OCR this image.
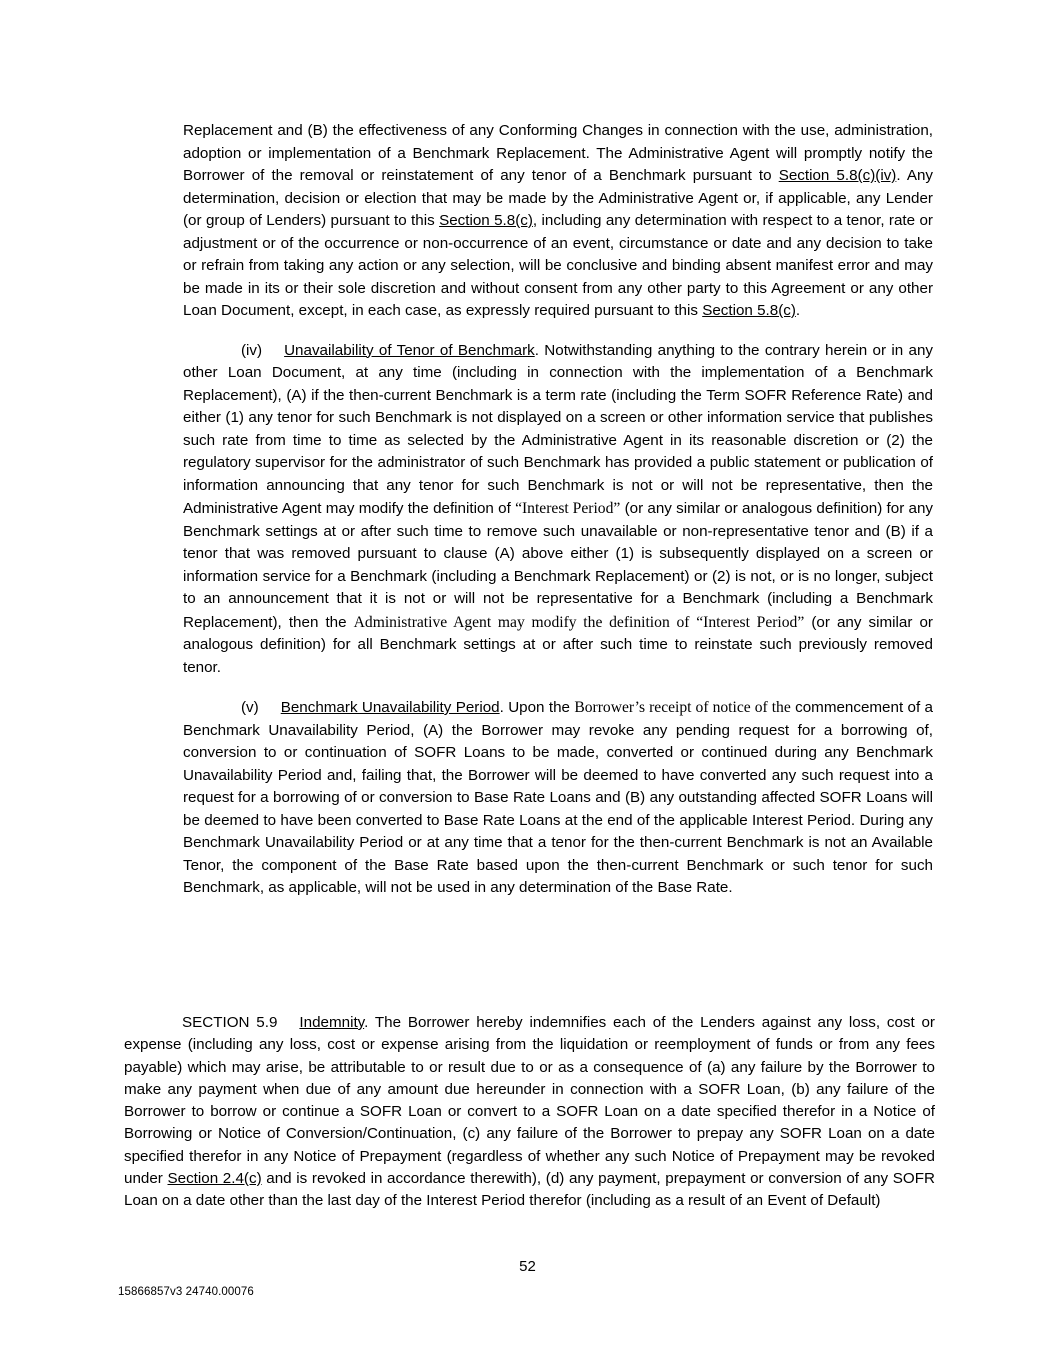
Replacement and (B) the effectiveness of any Conforming Changes in connection with the use, administration, adoption or implementation of a Benchmark Replacement. The Administrative Agent will promptly notify the Borrower of the removal or reinstatement of any tenor of a Benchmark pursuant to Section 5.8(c)(iv). Any determination, decision or election that may be made by the Administrative Agent or, if applicable, any Lender (or group of Lenders) pursuant to this Section 5.8(c), including any determination with respect to a tenor, rate or adjustment or of the occurrence or non-occurrence of an event, circumstance or date and any decision to take or refrain from taking any action or any selection, will be conclusive and binding absent manifest error and may be made in its or their sole discretion and without consent from any other party to this Agreement or any other Loan Document, except, in each case, as expressly required pursuant to this Section 5.8(c).

(iv) Unavailability of Tenor of Benchmark. Notwithstanding anything to the contrary herein or in any other Loan Document, at any time (including in connection with the implementation of a Benchmark Replacement), (A) if the then-current Benchmark is a term rate (including the Term SOFR Reference Rate) and either (1) any tenor for such Benchmark is not displayed on a screen or other information service that publishes such rate from time to time as selected by the Administrative Agent in its reasonable discretion or (2) the regulatory supervisor for the administrator of such Benchmark has provided a public statement or publication of information announcing that any tenor for such Benchmark is not or will not be representative, then the Administrative Agent may modify the definition of “Interest Period” (or any similar or analogous definition) for any Benchmark settings at or after such time to remove such unavailable or non-representative tenor and (B) if a tenor that was removed pursuant to clause (A) above either (1) is subsequently displayed on a screen or information service for a Benchmark (including a Benchmark Replacement) or (2) is not, or is no longer, subject to an announcement that it is not or will not be representative for a Benchmark (including a Benchmark Replacement), then the Administrative Agent may modify the definition of “Interest Period” (or any similar or analogous definition) for all Benchmark settings at or after such time to reinstate such previously removed tenor.

(v) Benchmark Unavailability Period. Upon the Borrower’s receipt of notice of the commencement of a Benchmark Unavailability Period, (A) the Borrower may revoke any pending request for a borrowing of, conversion to or continuation of SOFR Loans to be made, converted or continued during any Benchmark Unavailability Period and, failing that, the Borrower will be deemed to have converted any such request into a request for a borrowing of or conversion to Base Rate Loans and (B) any outstanding affected SOFR Loans will be deemed to have been converted to Base Rate Loans at the end of the applicable Interest Period. During any Benchmark Unavailability Period or at any time that a tenor for the then-current Benchmark is not an Available Tenor, the component of the Base Rate based upon the then-current Benchmark or such tenor for such Benchmark, as applicable, will not be used in any determination of the Base Rate.

SECTION 5.9 Indemnity. The Borrower hereby indemnifies each of the Lenders against any loss, cost or expense (including any loss, cost or expense arising from the liquidation or reemployment of funds or from any fees payable) which may arise, be attributable to or result due to or as a consequence of (a) any failure by the Borrower to make any payment when due of any amount due hereunder in connection with a SOFR Loan, (b) any failure of the Borrower to borrow or continue a SOFR Loan or convert to a SOFR Loan on a date specified therefor in a Notice of Borrowing or Notice of Conversion/Continuation, (c) any failure of the Borrower to prepay any SOFR Loan on a date specified therefor in any Notice of Prepayment (regardless of whether any such Notice of Prepayment may be revoked under Section 2.4(c) and is revoked in accordance therewith), (d) any payment, prepayment or conversion of any SOFR Loan on a date other than the last day of the Interest Period therefor (including as a result of an Event of Default)

52
15866857v3 24740.00076
